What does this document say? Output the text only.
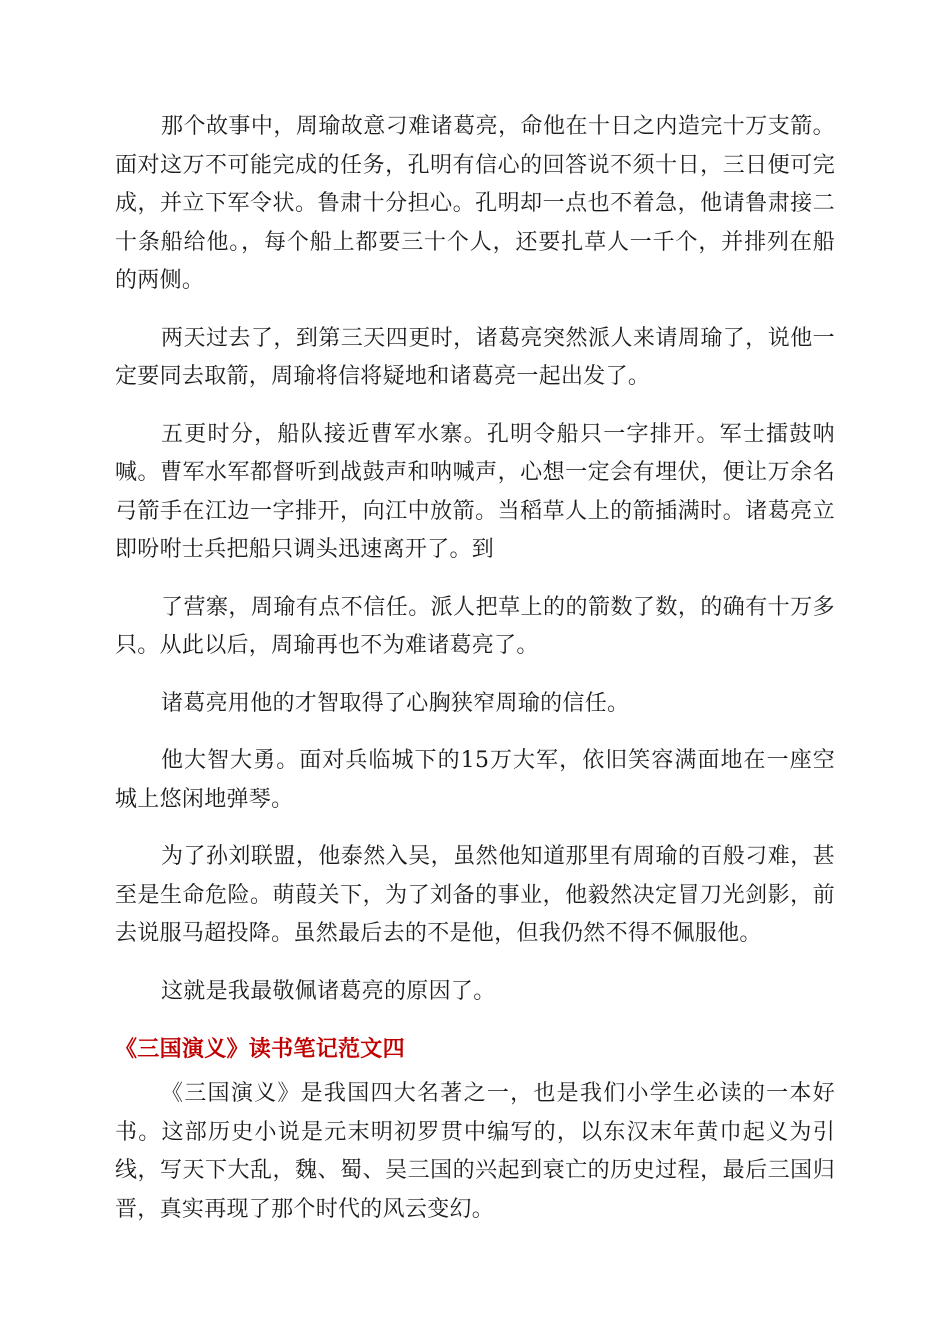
那个故事中，周瑜故意刁难诸葛亮，命他在十日之内造完十万支箭。面对这万不可能完成的任务，孔明有信心的回答说不须十日，三日便可完成，并立下军令状。鲁肃十分担心。孔明却一点也不着急，他请鲁肃接二十条船给他。，每个船上都要三十个人，还要扎草人一千个，并排列在船的两侧。

两天过去了，到第三天四更时，诸葛亮突然派人来请周瑜了，说他一定要同去取箭，周瑜将信将疑地和诸葛亮一起出发了。

五更时分，船队接近曹军水寨。孔明令船只一字排开。军士擂鼓呐喊。曹军水军都督听到战鼓声和呐喊声，心想一定会有埋伏，便让万余名弓箭手在江边一字排开，向江中放箭。当稻草人上的箭插满时。诸葛亮立即吩咐士兵把船只调头迅速离开了。到

了营寨，周瑜有点不信任。派人把草上的的箭数了数，的确有十万多只。从此以后，周瑜再也不为难诸葛亮了。

诸葛亮用他的才智取得了心胸狭窄周瑜的信任。

他大智大勇。面对兵临城下的15万大军，依旧笑容满面地在一座空城上悠闲地弹琴。

为了孙刘联盟，他泰然入吴，虽然他知道那里有周瑜的百般刁难，甚至是生命危险。萌葭关下，为了刘备的事业，他毅然决定冒刀光剑影，前去说服马超投降。虽然最后去的不是他，但我仍然不得不佩服他。

这就是我最敬佩诸葛亮的原因了。

《三国演义》读书笔记范文四

《三国演义》是我国四大名著之一，也是我们小学生必读的一本好书。这部历史小说是元末明初罗贯中编写的，以东汉末年黄巾起义为引线，写天下大乱，魏、蜀、吴三国的兴起到衰亡的历史过程，最后三国归晋，真实再现了那个时代的风云变幻。
